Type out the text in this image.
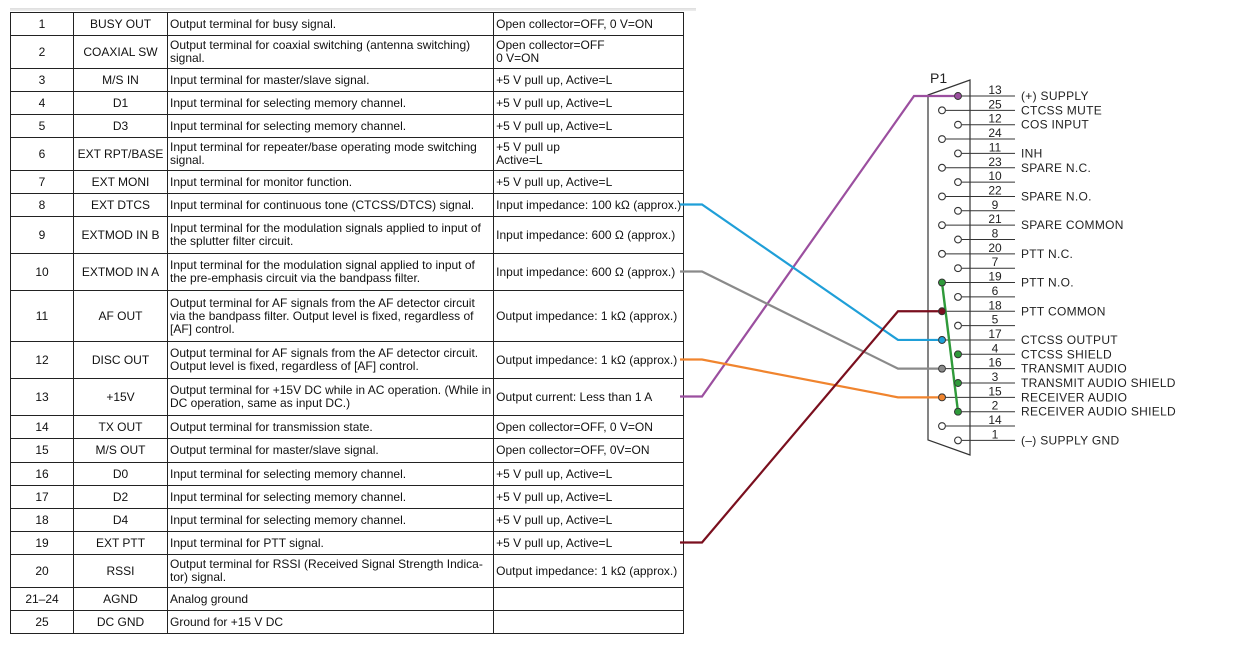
1	BUSY OUT	Output terminal for busy signal.	Open collector=OFF, 0 V=ON

2	COAXIAL SW	Output terminal for coaxial switching (antenna switching)
signal.	Open collector=OFF
0 V=ON

3	M/S IN	Input terminal for master/slave signal.	+5 V pull up, Active=L

4	D1	Input terminal for selecting memory channel.	+5 V pull up, Active=L

5	D3	Input terminal for selecting memory channel.	+5 V pull up, Active=L

6	EXT RPT/BASE	Input terminal for repeater/base operating mode switching
signal.	+5 V pull up
Active=L

7	EXT MONI	Input terminal for monitor function.	+5 V pull up, Active=L

8	EXT DTCS	Input terminal for continuous tone (CTCSS/DTCS) signal.	Input impedance: 100 kΩ (approx.)

9	EXTMOD IN B	Input terminal for the modulation signals applied to input of
the splutter filter circuit.	Input impedance: 600 Ω (approx.)

10	EXTMOD IN A	Input terminal for the modulation signal applied to input of
the pre-emphasis circuit via the bandpass filter.	Input impedance: 600 Ω (approx.)

11	AF OUT	Output terminal for AF signals from the AF detector circuit
via the bandpass filter. Output level is fixed, regardless of
[AF] control.	Output impedance: 1 kΩ (approx.)

12	DISC OUT	Output terminal for AF signals from the AF detector circuit.
Output level is fixed, regardless of [AF] control.	Output impedance: 1 kΩ (approx.)

13	+15V	Output terminal for +15V DC while in AC operation. (While in
DC operation, same as input DC.)	Output current: Less than 1 A

14	TX OUT	Output terminal for transmission state.	Open collector=OFF, 0 V=ON

15	M/S OUT	Output terminal for master/slave signal.	Open collector=OFF, 0V=ON

16	D0	Input terminal for selecting memory channel.	+5 V pull up, Active=L

17	D2	Input terminal for selecting memory channel.	+5 V pull up, Active=L

18	D4	Input terminal for selecting memory channel.	+5 V pull up, Active=L

19	EXT PTT	Input terminal for PTT signal.	+5 V pull up, Active=L

20	RSSI	Output terminal for RSSI (Received Signal Strength Indica-
tor) signal.	Output impedance: 1 kΩ (approx.)

21–24	AGND	Analog ground	

25	DC GND	Ground for +15 V DC	

P1
13 (+) SUPPLY
25 CTCSS MUTE
12 COS INPUT
24
11 INH
23 SPARE N.C.
10
22 SPARE N.O.
9
21 SPARE COMMON
8
20 PTT N.C.
7
19 PTT N.O.
6
18 PTT COMMON
5
17 CTCSS OUTPUT
4 CTCSS SHIELD
16 TRANSMIT AUDIO
3 TRANSMIT AUDIO SHIELD
15 RECEIVER AUDIO
2 RECEIVER AUDIO SHIELD
14
1 (–) SUPPLY GND
